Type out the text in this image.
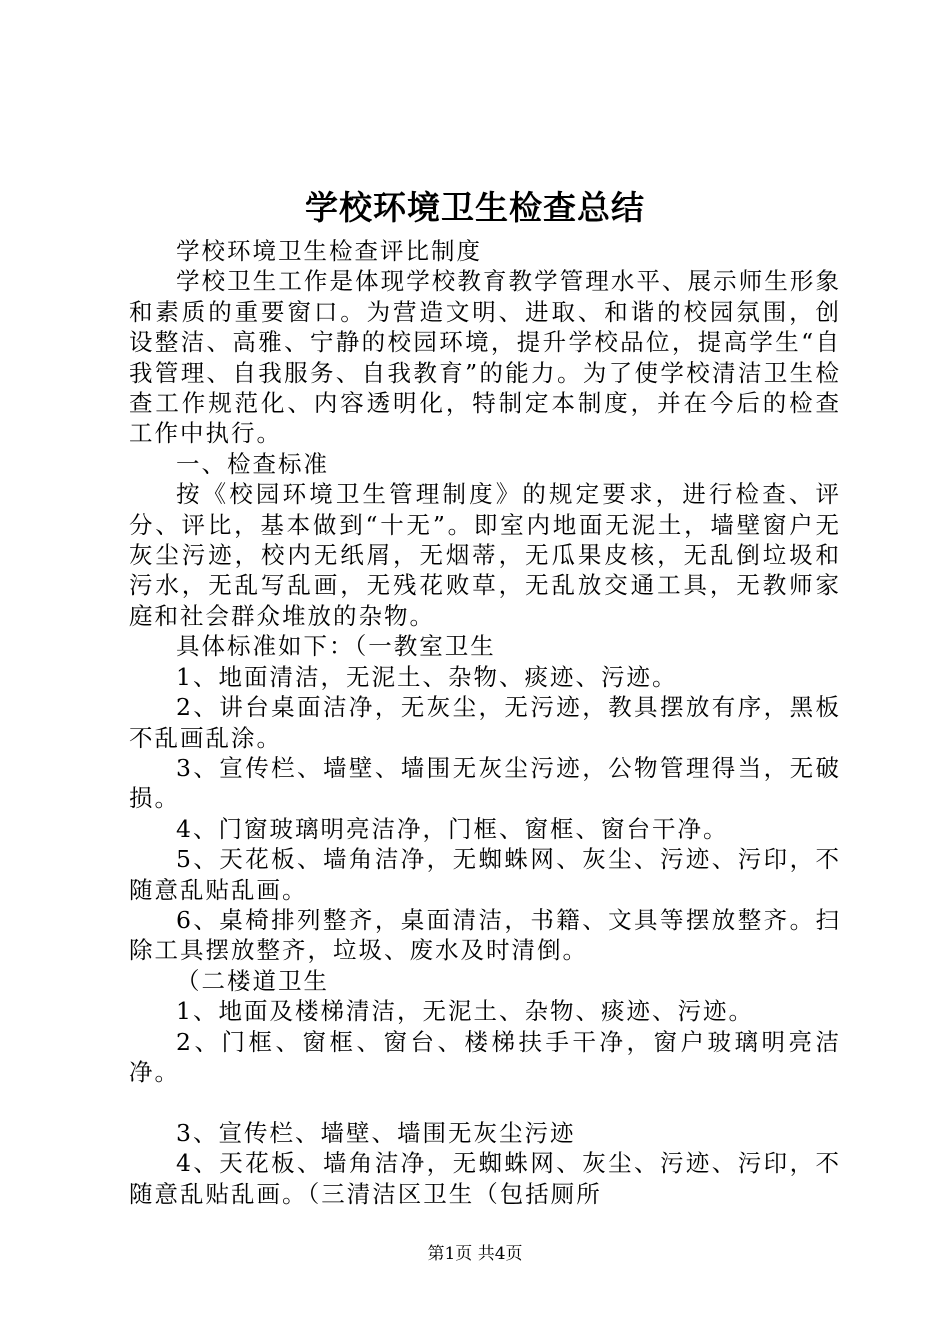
学校环境卫生检查总结

学校环境卫生检查评比制度

学校卫生工作是体现学校教育教学管理水平、展示师生形象和素质的重要窗口。为营造文明、进取、和谐的校园氛围，创设整洁、高雅、宁静的校园环境，提升学校品位，提高学生“自我管理、自我服务、自我教育”的能力。为了使学校清洁卫生检查工作规范化、内容透明化，特制定本制度，并在今后的检查工作中执行。

一、检查标准

按《校园环境卫生管理制度》的规定要求，进行检查、评分、评比，基本做到“十无”。即室内地面无泥土，墙壁窗户无灰尘污迹，校内无纸屑，无烟蒂，无瓜果皮核，无乱倒垃圾和污水，无乱写乱画，无残花败草，无乱放交通工具，无教师家庭和社会群众堆放的杂物。

具体标准如下：（一教室卫生

1、地面清洁，无泥土、杂物、痰迹、污迹。

2、讲台桌面洁净，无灰尘，无污迹，教具摆放有序，黑板不乱画乱涂。

3、宣传栏、墙壁、墙围无灰尘污迹，公物管理得当，无破损。

4、门窗玻璃明亮洁净，门框、窗框、窗台干净。

5、天花板、墙角洁净，无蜘蛛网、灰尘、污迹、污印，不随意乱贴乱画。

6、桌椅排列整齐，桌面清洁，书籍、文具等摆放整齐。扫除工具摆放整齐，垃圾、废水及时清倒。

（二楼道卫生

1、地面及楼梯清洁，无泥土、杂物、痰迹、污迹。

2、门框、窗框、窗台、楼梯扶手干净，窗户玻璃明亮洁净。

3、宣传栏、墙壁、墙围无灰尘污迹

4、天花板、墙角洁净，无蜘蛛网、灰尘、污迹、污印，不随意乱贴乱画。（三清洁区卫生（包括厕所

第1页 共4页
